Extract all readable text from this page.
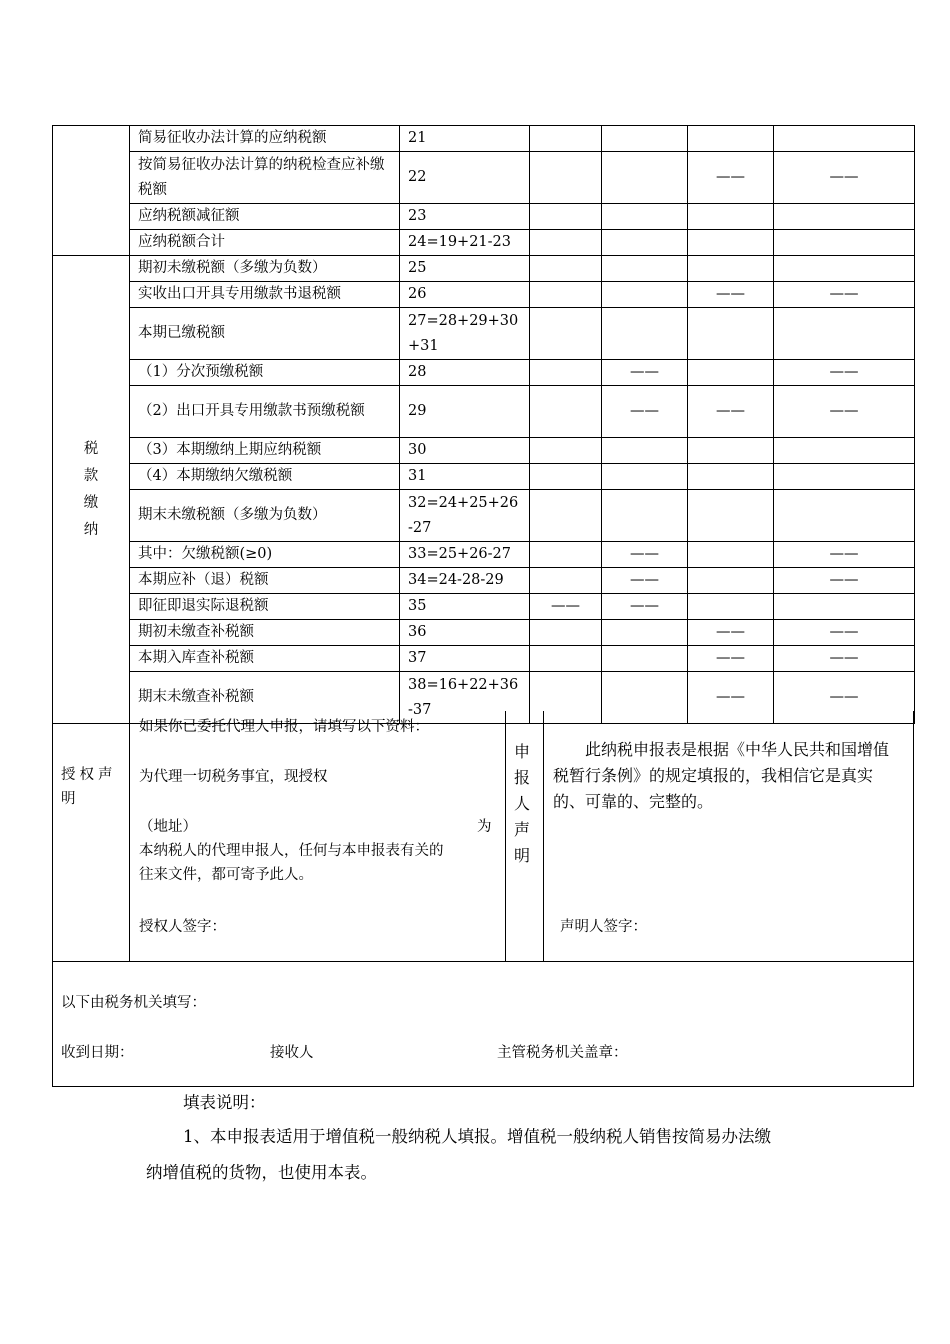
	简易征收办法计算的应纳税额	21				
	按简易征收办法计算的纳税检查应补缴税额	22			——	——
	应纳税额减征额	23				
	应纳税额合计	24=19+21-23				
税款缴纳	期初未缴税额（多缴为负数）	25				
	实收出口开具专用缴款书退税额	26			——	——
	本期已缴税额	27=28+29+30+31				
	（1）分次预缴税额	28		——		——
	（2）出口开具专用缴款书预缴税额	29		——	——	——
	（3）本期缴纳上期应纳税额	30				
	（4）本期缴纳欠缴税额	31				
	期末未缴税额（多缴为负数）	32=24+25+26-27				
	其中：欠缴税额(≥0)	33=25+26-27		——		——
	本期应补（退）税额	34=24-28-29		——		——
	即征即退实际退税额	35	——	——		
	期初未缴查补税额	36			——	——
	本期入库查补税额	37			——	——
	期末未缴查补税额	38=16+22+36-37			——	——
授权声明
如果你已委托代理人申报，请填写以下资料：
为代理一切税务事宜，现授权
（地址）	为
本纳税人的代理申报人，任何与本申报表有关的
往来文件，都可寄予此人。
授权人签字：
申报人声明
此纳税申报表是根据《中华人民共和国增值税暂行条例》的规定填报的，我相信它是真实的、可靠的、完整的。
声明人签字：
以下由税务机关填写：
收到日期：	接收人	主管税务机关盖章：
填表说明：
1、本申报表适用于增值税一般纳税人填报。增值税一般纳税人销售按简易办法缴
纳增值税的货物，也使用本表。
